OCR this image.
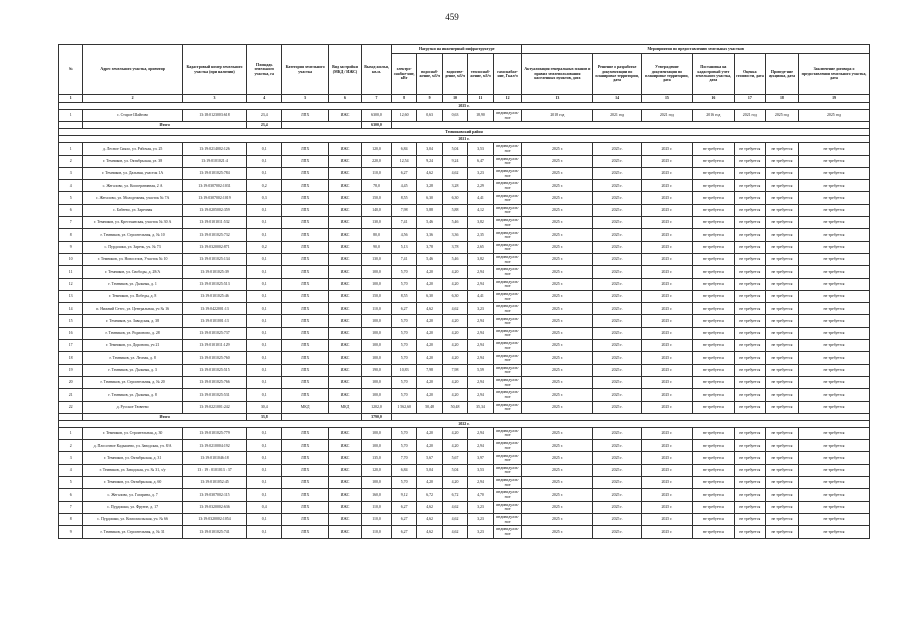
459
№	Адрес земельного участка, ориентир	Кадастровый номер земельного участка (при наличии)	Площадь земельного участка, га	Категория земельного участка	Вид застройки (МКД / ИЖС)	Выход жилья, кв.м.	Нагрузки на инженерный инфраструктуре					Мероприятия по предоставлению земельных участков						
							электро-снабже-ние, кВт	водоснаб-жение, м3/ч	водоотве-дение, м3/ч	теплоснаб-жение, м3/ч	газоснабже-ние, Гкал/ч	Актуализация генеральных планов и правил землепользования населенных пунктов, дата	Решение о разработке документации по планировке территории, дата	Утверждение документации по планировке территории, дата	Постановка на кадастровый учет земельного участка, дата	Оценка стоимости, дата	Проведе-ние аукциона, дата	Заключение договора о предоставлении земельного участка, дата
1	2	3	4	5	6	7	8	9	10	11	12	13	14	15	16	17	18	19
2025 г.																		
1	с. Старое Шайгово	13:18:0123003:618	23,4	ЛПХ	ИЖС	6300,0	12,60	0,63	0,63	18,90	индивидуаль-ное	2018 год	2021 год	2021 год	2016 год	2021 год	2025 год	2025 год
	Итого		23,4			6300,0												
Темниковский район																		
2021 г.																		
1	д. Лесное Сияло, ул. Рабочая, ул. 25	13:19:0214002:126	0,1	ЛПХ	ИЖС	120,0	6,84	3,04	5,04	3,53	индивидуаль-ное	2025 г.	2025 г.	2025 г.	не требуется	не требуется	не требуется	не требуется
2	г. Темников, ул. Октябрьская, ул. 38	13:19:0101021:4	0,1	ЛПХ	ИЖС	220,0	12,54	9,24	9,24	6,47	индивидуаль-ное	2025 г.	2025 г.	2025 г.	не требуется	не требуется	не требуется	не требуется
3	г. Темников, ул. Дальняя, участок 1А	13:19:0101025:784	0,1	ЛПХ	ИЖС	110,0	6,27	4,62	4,62	3,23	индивидуаль-ное	2025 г.	2025 г.	2025 г.	не требуется	не требуется	не требуется	не требуется
4	с. Жегалово, ул. Кооперативная, 2 А	13:19:0307002:1031	0,2	ЛПХ	ИЖС	78,0	4,45	3,28	3,28	2,29	индивидуаль-ное	2025 г.	2025 г.	2025 г.	не требуется	не требуется	не требуется	не требуется
5	с. Жегалово, ул. Молодежная, участок № 7А	13:19:0307002:1019	0,3	ЛПХ	ИЖС	150,0	8,55	6,30	6,30	4,41	индивидуаль-ное	2025 г.	2025 г.	2025 г.	не требуется	не требуется	не требуется	не требуется
6	с. Бабеево, ул. Заречная	13:19:0205002:359	0,1	ЛПХ	ИЖС	140,0	7,98	5,88	5,88	4,12	индивидуаль-ное	2025 г.	2025 г.	2025 г.	не требуется	не требуется	не требуется	не требуется
7	г. Темников, ул. Крестьянская, участок № 30 А	13:19:0101011:532	0,1	ЛПХ	ИЖС	130,0	7,41	5,46	5,46	3,82	индивидуаль-ное	2025 г.	2025 г.	2025 г.	не требуется	не требуется	не требуется	не требуется
8	г. Темников, ул. Строительная, д. № 10	13:19:0101025:732	0,1	ЛПХ	ИЖС	80,0	4,56	3,36	3,36	2,35	индивидуаль-ное	2025 г.	2025 г.	2025 г.	не требуется	не требуется	не требуется	не требуется
9	с. Пурдошки, ул. Заречь, уч. № 73	13:19:0320002:871	0,2	ЛПХ	ИЖС	90,0	5,13	3,78	3,78	2,65	индивидуаль-ное	2025 г.	2025 г.	2025 г.	не требуется	не требуется	не требуется	не требуется
10	г. Темников, ул. Новоселов, Участок № 10	13:19:0101025:134	0,1	ЛПХ	ИЖС	130,0	7,41	5,46	5,46	3,82	индивидуаль-ное	2025 г.	2025 г.	2025 г.	не требуется	не требуется	не требуется	не требуется
11	г. Темников, ул. Свободы, д. 28/А	13:19:0101025:39	0,1	ЛПХ	ИЖС	100,0	5,70	4,20	4,20	2,94	индивидуаль-ное	2025 г.	2025 г.	2025 г.	не требуется	не требуется	не требуется	не требуется
12	г. Темников, ул. Дальняя, д. 1	13:19:0101025:513	0,1	ЛПХ	ИЖС	100,0	5,70	4,20	4,20	2,94	индивидуаль-ное	2025 г.	2025 г.	2025 г.	не требуется	не требуется	не требуется	не требуется
13	г. Темников, ул. Победы, д. 8	13:19:0101025:46	0,1	ЛПХ	ИЖС	150,0	8,55	6,30	6,30	4,41	индивидуаль-ное	2025 г.	2025 г.	2025 г.	не требуется	не требуется	не требуется	не требуется
14	п. Нижний Сетес, ул. Центральная, уч № 16	13:19:0422001:13	0,1	ЛПХ	ИЖС	110,0	6,27	4,62	4,62	3,23	индивидуаль-ное	2025 г.	2025 г.	2025 г.	не требуется	не требуется	не требуется	не требуется
15	г. Темников, ул. Заводская, д. 38	13:19:0101001:13	0,1	ЛПХ	ИЖС	100,0	5,70	4,20	4,20	2,94	индивидуаль-ное	2025 г.	2025 г.	2025 г.	не требуется	не требуется	не требуется	не требуется
16	г. Темников, ул. Родионово, д. 28	13:19:0101025:737	0,1	ЛПХ	ИЖС	100,0	5,70	4,20	4,20	2,94	индивидуаль-ное	2025 г.	2025 г.	2025 г.	не требуется	не требуется	не требуется	не требуется
17	г. Темников, ул. Доронова, уч 21	13:19:0101011:129	0,1	ЛПХ	ИЖС	100,0	5,70	4,20	4,20	2,94	индивидуаль-ное	2025 г.	2025 г.	2025 г.	не требуется	не требуется	не требуется	не требуется
18	г. Темников, ул. Лесная, д. 8	13:19:0101025:760	0,1	ЛПХ	ИЖС	100,0	5,70	4,20	4,20	2,94	индивидуаль-ное	2025 г.	2025 г.	2025 г.	не требуется	не требуется	не требуется	не требуется
19	г. Темников, ул. Дальняя, д. 3	13:19:0101025:515	0,1	ЛПХ	ИЖС	190,0	10,83	7,98	7,98	5,59	индивидуаль-ное	2025 г.	2025 г.	2025 г.	не требуется	не требуется	не требуется	не требуется
20	г. Темников, ул. Строительная, д. № 20	13:19:0101025:766	0,1	ЛПХ	ИЖС	100,0	5,70	4,20	4,20	2,94	индивидуаль-ное	2025 г.	2025 г.	2025 г.	не требуется	не требуется	не требуется	не требуется
21	г. Темников, ул. Дальняя, д. 8	13:19:0101025:531	0,1	ЛПХ	ИЖС	100,0	5,70	4,20	4,20	2,94	индивидуаль-ное	2025 г.	2025 г.	2025 г.	не требуется	не требуется	не требуется	не требуется
22	д. Русское Тювеево	13:19:0221001:242	30,4	МКД	МКД	1202,0	1 562,60	50,48	50,48	35,34	индивидуаль-ное	2025 г.	2025 г.	2025 г.	не требуется	не требуется	не требуется	не требуется
	Итого		33,8			3790,0												
2022 г.																		
1	г. Темников, ул. Строительная, д. 30	13:19:0101025:779	0,1	ЛПХ	ИЖС	100,0	5,70	4,20	4,20	2,94	индивидуаль-ное	2025 г.	2025 г.	2025 г.	не требуется	не требуется	не требуется	не требуется
2	д. Плосочное Кадышево, ул. Заводская, уч. 8/А	13:19:0210004:192	0,1	ЛПХ	ИЖС	100,0	5,70	4,20	4,20	2,94	индивидуаль-ное	2025 г.	2025 г.	2025 г.	не требуется	не требуется	не требуется	не требуется
3	г. Темников, ул. Октябрьская, д. 31	13:19:0101046:18	0,1	ЛПХ	ИЖС	135,0	7,70	5,67	5,67	3,97	индивидуаль-ное	2025 г.	2025 г.	2025 г.	не требуется	не требуется	не требуется	не требуется
4	г. Темников, ул. Заводская, уч. № 31, з/у	13 : 19 : 0101013 : 37	0,1	ЛПХ	ИЖС	120,0	6,84	5,04	5,04	3,53	индивидуаль-ное	2025 г.	2025 г.	2025 г.	не требуется	не требуется	не требуется	не требуется
5	г. Темников, ул. Октябрьская, д. 60	13:19:0101052:45	0,1	ЛПХ	ИЖС	100,0	5,70	4,20	4,20	2,94	индивидуаль-ное	2025 г.	2025 г.	2025 г.	не требуется	не требуется	не требуется	не требуется
6	с. Жегалово, ул. Гагарина, д. 7	13:19:0307002:115	0,1	ЛПХ	ИЖС	160,0	9,12	6,72	6,72	4,70	индивидуаль-ное	2025 г.	2025 г.	2025 г.	не требуется	не требуется	не требуется	не требуется
7	с. Пурдошки, ул. Фрунзе, д. 17	13:19:0320002:636	0,4	ЛПХ	ИЖС	110,0	6,27	4,62	4,62	3,23	индивидуаль-ное	2025 г.	2025 г.	2025 г.	не требуется	не требуется	не требуется	не требуется
8	с. Пурдошки, ул. Комсомольская, уч. № 66	13:19:0320002:1054	0,1	ЛПХ	ИЖС	110,0	6,27	4,62	4,62	3,23	индивидуаль-ное	2025 г.	2025 г.	2025 г.	не требуется	не требуется	не требуется	не требуется
9	г. Темников, ул. Строительная, д. № 31	13:19:0101025:741	0,1	ЛПХ	ИЖС	110,0	6,27	4,62	4,62	3,23	индивидуаль-ное	2025 г.	2025 г.	2025 г.	не требуется	не требуется	не требуется	не требуется
